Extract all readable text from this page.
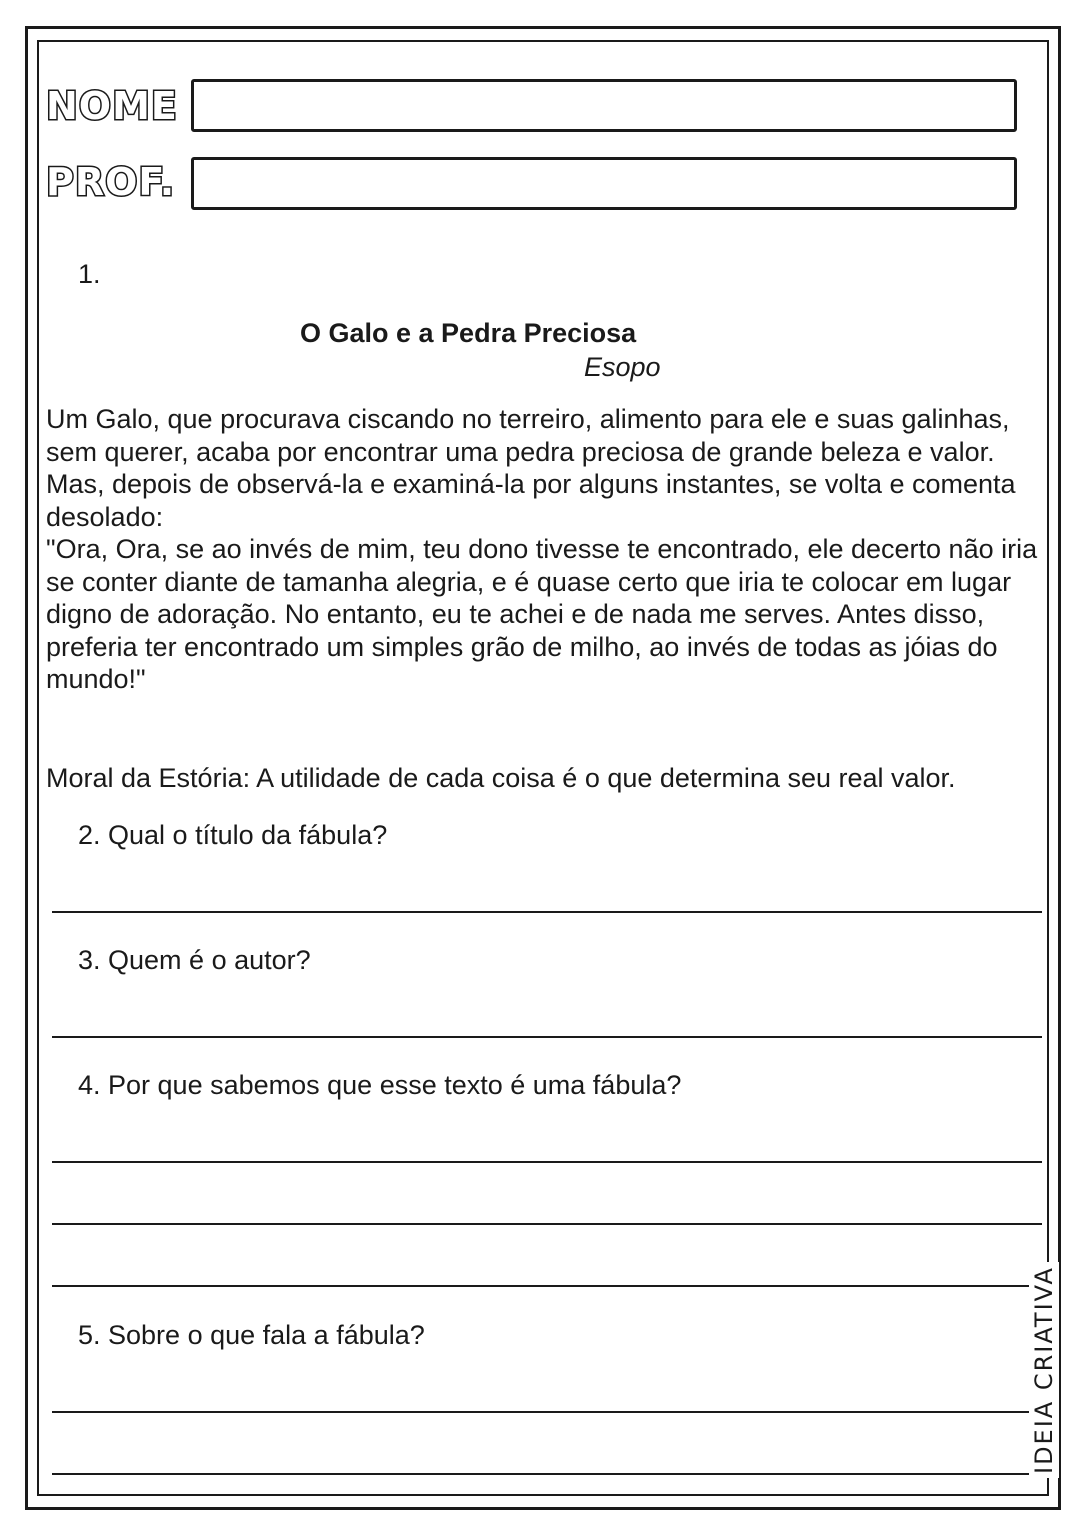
NOME
PROF.
1.
O Galo e a Pedra Preciosa
Esopo

Um Galo, que procurava ciscando no terreiro, alimento para ele e suas galinhas, sem querer, acaba por encontrar uma pedra preciosa de grande beleza e valor.

Mas, depois de observá-la e examiná-la por alguns instantes, se volta e comenta desolado:

"Ora, Ora, se ao invés de mim, teu dono tivesse te encontrado, ele decerto não iria se conter diante de tamanha alegria, e é quase certo que iria te colocar em lugar digno de adoração. No entanto, eu te achei e de nada me serves. Antes disso, preferia ter encontrado um simples grão de milho, ao invés de todas as jóias do mundo!"

Moral da Estória: A utilidade de cada coisa é o que determina seu real valor.
2. Qual o título da fábula?
3. Quem é o autor?
4. Por que sabemos que esse texto é uma fábula?
5. Sobre o que fala a fábula?	IDEIA CRIATIVA
